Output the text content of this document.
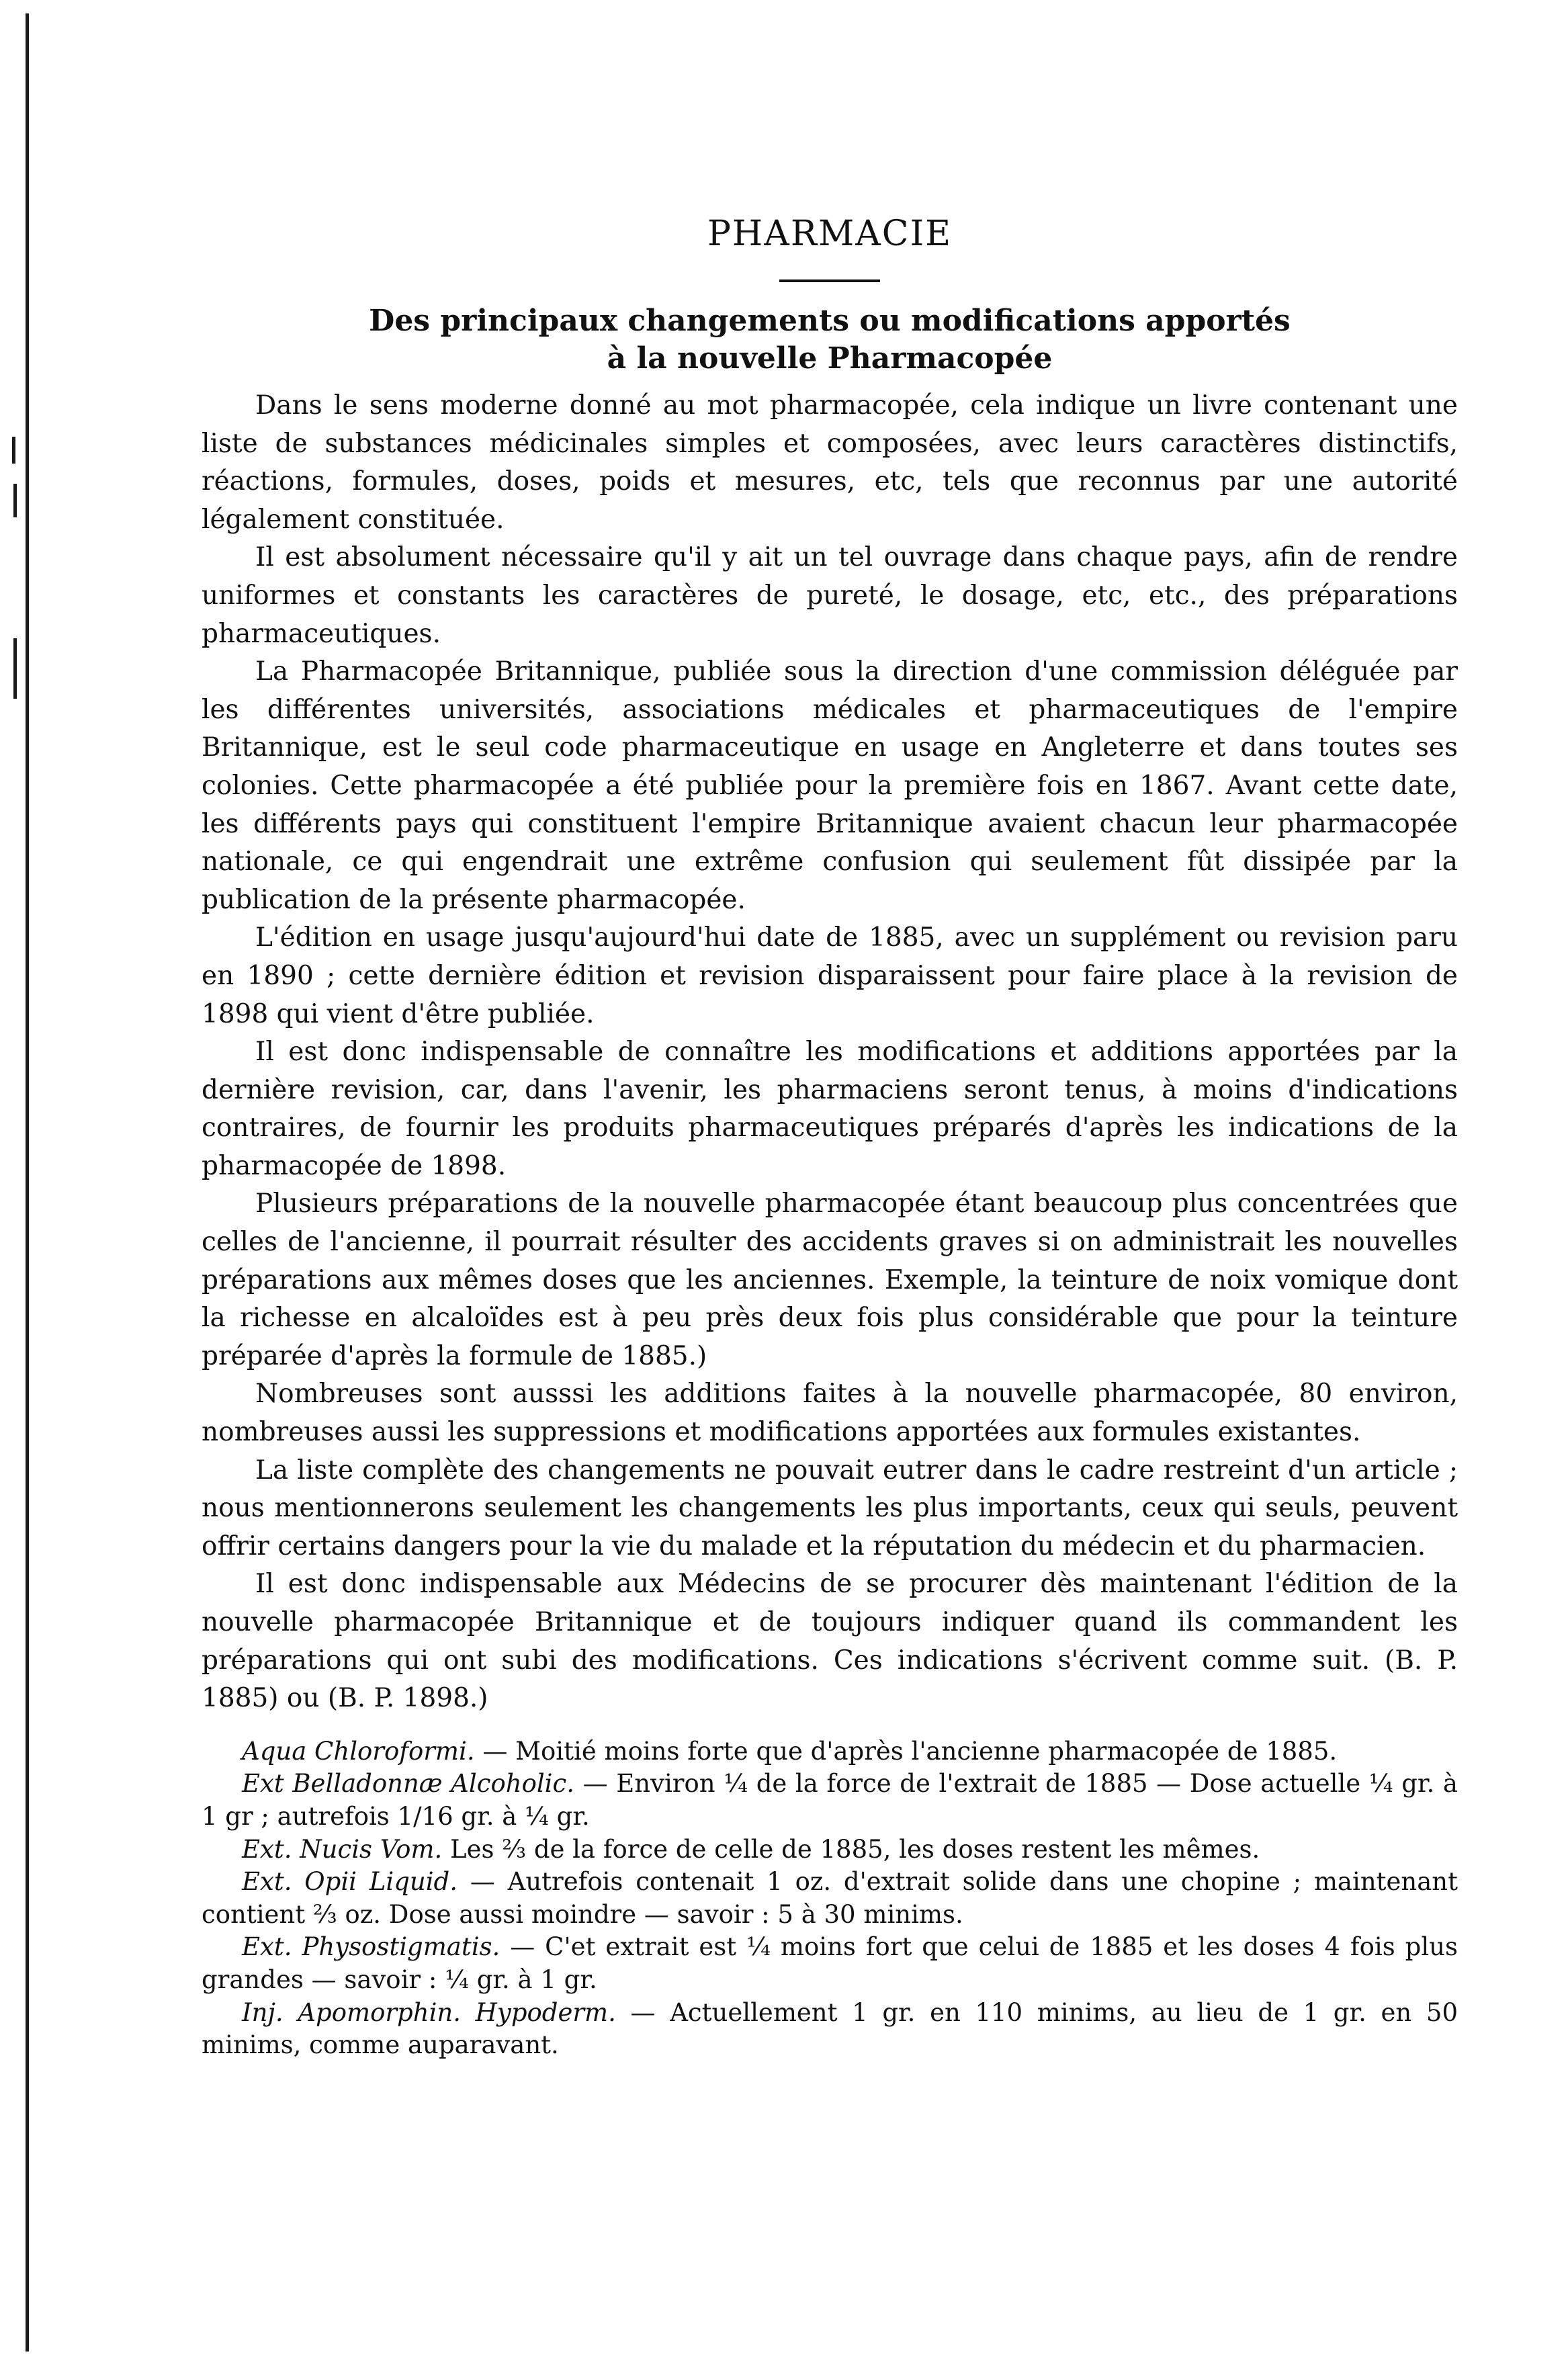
PHARMACIE
Des principaux changements ou modifications apportés
à la nouvelle Pharmacopée

Dans le sens moderne donné au mot pharmacopée, cela indique un livre contenant une liste de substances médicinales simples et composées, avec leurs caractères distinctifs, réactions, formules, doses, poids et mesures, etc, tels que reconnus par une autorité légalement constituée.

Il est absolument nécessaire qu'il y ait un tel ouvrage dans chaque pays, afin de rendre uniformes et constants les caractères de pureté, le dosage, etc, etc., des préparations pharmaceutiques.

La Pharmacopée Britannique, publiée sous la direction d'une commission déléguée par les différentes universités, associations médicales et pharmaceutiques de l'empire Britannique, est le seul code pharmaceutique en usage en Angleterre et dans toutes ses colonies. Cette pharmacopée a été publiée pour la première fois en 1867. Avant cette date, les différents pays qui constituent l'empire Britannique avaient chacun leur pharmacopée nationale, ce qui engendrait une extrême confusion qui seulement fût dissipée par la publication de la présente pharmacopée.

L'édition en usage jusqu'aujourd'hui date de 1885, avec un supplément ou revision paru en 1890 ; cette dernière édition et revision disparaissent pour faire place à la revision de 1898 qui vient d'être publiée.

Il est donc indispensable de connaître les modifications et additions apportées par la dernière revision, car, dans l'avenir, les pharmaciens seront tenus, à moins d'indications contraires, de fournir les produits pharmaceutiques préparés d'après les indications de la pharmacopée de 1898.

Plusieurs préparations de la nouvelle pharmacopée étant beaucoup plus concentrées que celles de l'ancienne, il pourrait résulter des accidents graves si on administrait les nouvelles préparations aux mêmes doses que les anciennes. Exemple, la teinture de noix vomique dont la richesse en alcaloïdes est à peu près deux fois plus considérable que pour la teinture préparée d'après la formule de 1885.)

Nombreuses sont ausssi les additions faites à la nouvelle pharmacopée, 80 environ, nombreuses aussi les suppressions et modifications apportées aux formules existantes.

La liste complète des changements ne pouvait eutrer dans le cadre restreint d'un article ; nous mentionnerons seulement les changements les plus importants, ceux qui seuls, peuvent offrir certains dangers pour la vie du malade et la réputation du médecin et du pharmacien.

Il est donc indispensable aux Médecins de se procurer dès maintenant l'édition de la nouvelle pharmacopée Britannique et de toujours indiquer quand ils commandent les préparations qui ont subi des modifications. Ces indications s'écrivent comme suit. (B. P. 1885) ou (B. P. 1898.)

Aqua Chloroformi. — Moitié moins forte que d'après l'ancienne pharmacopée de 1885.

Ext Belladonnæ Alcoholic. — Environ ¼ de la force de l'extrait de 1885 — Dose actuelle ¼ gr. à 1 gr ; autrefois 1/16 gr. à ¼ gr.

Ext. Nucis Vom. Les ⅔ de la force de celle de 1885, les doses restent les mêmes.

Ext. Opii Liquid. — Autrefois contenait 1 oz. d'extrait solide dans une chopine ; maintenant contient ⅔ oz. Dose aussi moindre — savoir : 5 à 30 minims.

Ext. Physostigmatis. — C'et extrait est ¼ moins fort que celui de 1885 et les doses 4 fois plus grandes — savoir : ¼ gr. à 1 gr.

Inj. Apomorphin. Hypoderm. — Actuellement 1 gr. en 110 minims, au lieu de 1 gr. en 50 minims, comme auparavant.
